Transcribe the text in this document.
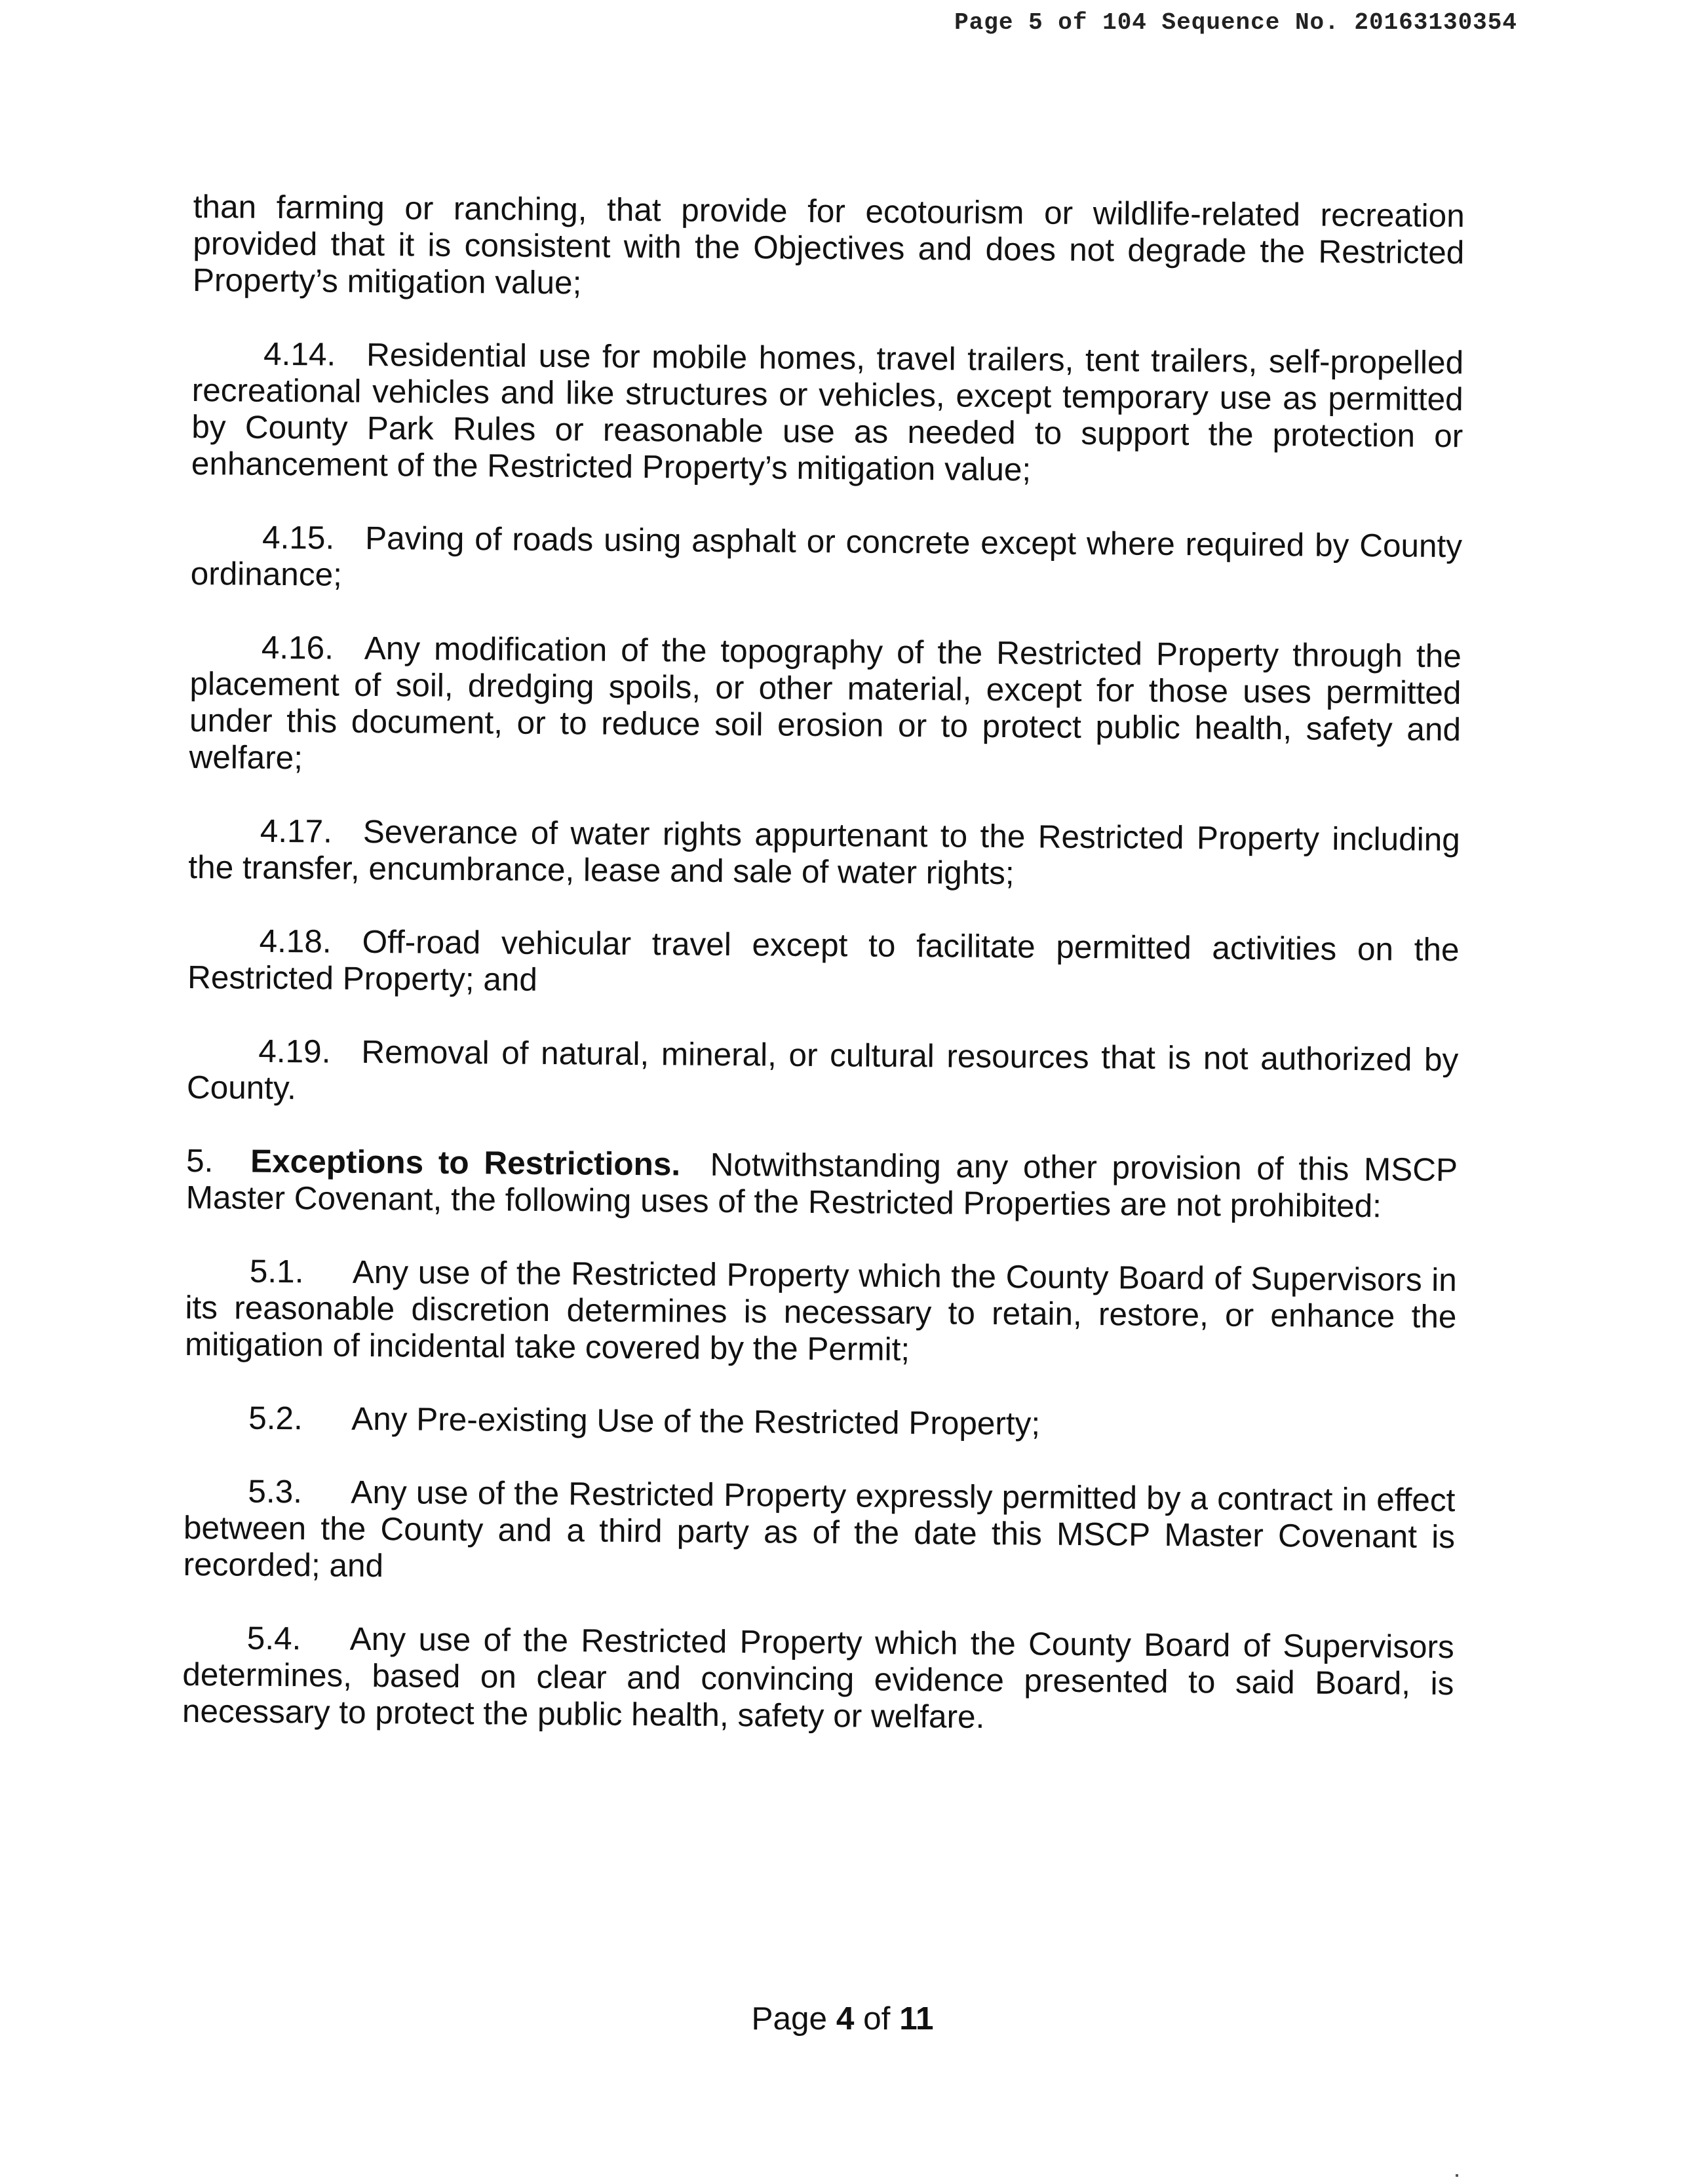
Page 5 of 104 Sequence No. 20163130354

than farming or ranching, that provide for ecotourism or wildlife-related recreation provided that it is consistent with the Objectives and does not degrade the Restricted Property’s mitigation value;

4.14. Residential use for mobile homes, travel trailers, tent trailers, self-propelled recreational vehicles and like structures or vehicles, except temporary use as permitted by County Park Rules or reasonable use as needed to support the protection or enhancement of the Restricted Property’s mitigation value;

4.15. Paving of roads using asphalt or concrete except where required by County ordinance;

4.16. Any modification of the topography of the Restricted Property through the placement of soil, dredging spoils, or other material, except for those uses permitted under this document, or to reduce soil erosion or to protect public health, safety and welfare;

4.17. Severance of water rights appurtenant to the Restricted Property including the transfer, encumbrance, lease and sale of water rights;

4.18. Off-road vehicular travel except to facilitate permitted activities on the Restricted Property; and

4.19. Removal of natural, mineral, or cultural resources that is not authorized by County.

5. Exceptions to Restrictions. Notwithstanding any other provision of this MSCP Master Covenant, the following uses of the Restricted Properties are not prohibited:

5.1. Any use of the Restricted Property which the County Board of Supervisors in its reasonable discretion determines is necessary to retain, restore, or enhance the mitigation of incidental take covered by the Permit;

5.2. Any Pre-existing Use of the Restricted Property;

5.3. Any use of the Restricted Property expressly permitted by a contract in effect between the County and a third party as of the date this MSCP Master Covenant is recorded; and

5.4. Any use of the Restricted Property which the County Board of Supervisors determines, based on clear and convincing evidence presented to said Board, is necessary to protect the public health, safety or welfare.

Page 4 of 11
